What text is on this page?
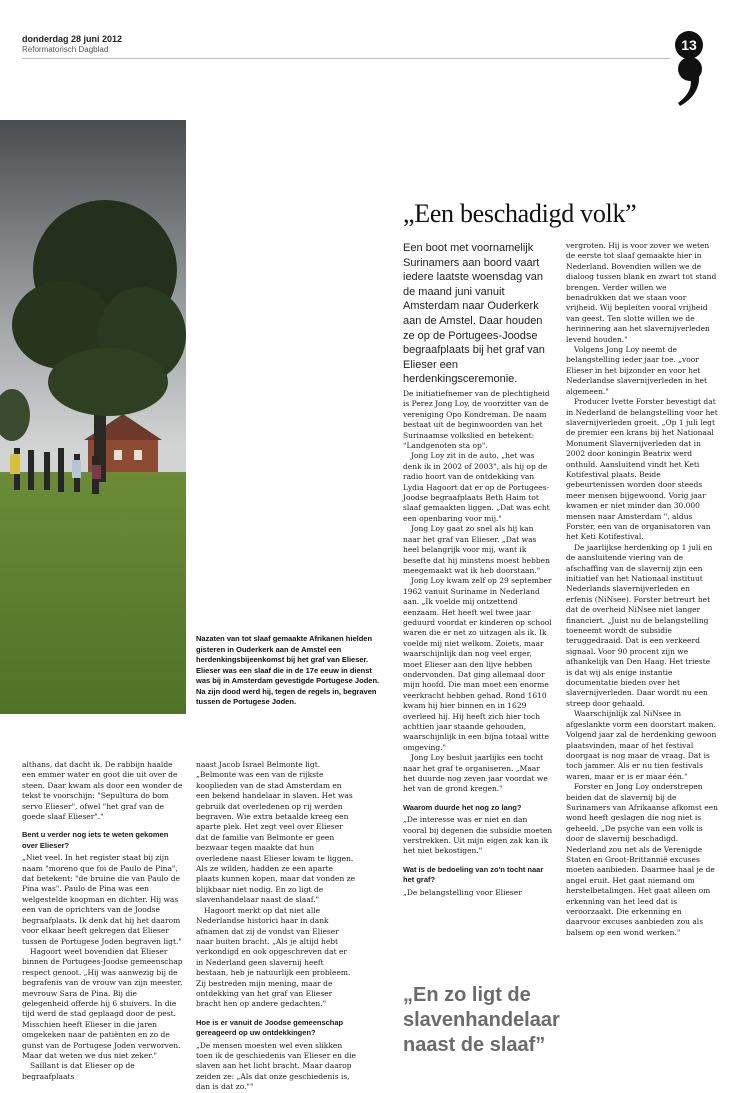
donderdag 28 juni 2012
Reformatorisch Dagblad	13
Nazaten van tot slaaf gemaakte Afrikanen hielden gisteren in Ouderkerk aan de Amstel een herdenkingsbijeenkomst bij het graf van Elieser. Elieser was een slaaf die in de 17e eeuw in dienst was bij in Amsterdam gevestigde Portugese Joden. Na zijn dood werd hij, tegen de regels in, begraven tussen de Portugese Joden.
„Een beschadigd volk”
Een boot met voornamelijk Surinamers aan boord vaart iedere laatste woensdag van de maand juni vanuit Amsterdam naar Ouderkerk aan de Amstel. Daar houden ze op de Portugees-Joodse begraafplaats bij het graf van Elieser een herdenkingsceremonie.

althans, dat dacht ik. De rabbijn haalde een emmer water en goot die uit over de steen. Daar kwam als door een wonder de tekst te voorschijn: "Sepultura do bom servo Elieser", ofwel "het graf van de goede slaaf Elieser"."

Bent u verder nog iets te weten gekomen over Elieser?

„Niet veel. In het register staat bij zijn naam "moreno que foi de Paulo de Pina", dat betekent: "de bruine die van Paulo de Pina was". Paulo de Pina was een welgestelde koopman en dichter. Hij was een van de oprichters van de Joodse begraafplaats. Ik denk dat hij het daarom voor elkaar heeft gekregen dat Elieser tussen de Portugese Joden begraven ligt."

Hagoort weet bovendien dat Elieser binnen de Portugees-Joodse gemeenschap respect genoot. „Hij was aanwezig bij de begrafenis van de vrouw van zijn meester, mevrouw Sara de Pina. Bij die gelegenheid offerde hij 6 stuivers. In die tijd werd de stad geplaagd door de pest. Misschien heeft Elieser in die jaren omgekeken naar de patiënten en zo de gunst van de Portugese Joden verworven. Maar dat weten we dus niet zeker."

Saillant is dat Elieser op de begraafplaats

naast Jacob Israel Belmonte ligt. „Belmonte was een van de rijkste kooplieden van de stad Amsterdam en een bekend handelaar in slaven. Het was gebruik dat overledenen op rij werden begraven. Wie extra betaalde kreeg een aparte plek. Het zegt veel over Elieser dat de familie van Belmonte er geen bezwaar tegen maakte dat hun overledene naast Elieser kwam te liggen. Als ze wilden, hadden ze een aparte plaats kunnen kopen, maar dat vonden ze blijkbaar niet nodig. En zo ligt de slavenhandelaar naast de slaaf."

Hagoort merkt op dat niet alle Nederlandse historici haar in dank afnamen dat zij de vondst van Elieser naar buiten bracht. „Als je altijd hebt verkondigd en ook opgeschreven dat er in Nederland geen slavernij heeft bestaan, heb je natuurlijk een probleem. Zij bestreden mijn mening, maar de ontdekking van het graf van Elieser bracht hen op andere gedachten."

Hoe is er vanuit de Joodse gemeenschap gereageerd op uw ontdekkingen?

„De mensen moesten wel even slikken toen ik de geschiedenis van Elieser en die slaven aan het licht bracht. Maar daarop zeiden ze: „Als dat onze geschiedenis is, dan is dat zo.""

De initiatiefnemer van de plechtigheid is Perez Jong Loy, de voorzitter van de vereniging Opo Kondreman. De naam bestaat uit de beginwoorden van het Surinaamse volkslied en betekent: "Landgenoten sta op".

Jong Loy zit in de auto, „het was denk ik in 2002 of 2003", als hij op de radio hoort van de ontdekking van Lydia Hagoort dat er op de Portugees-Joodse begraafplaats Beth Haim tot slaaf gemaakten liggen. „Dat was echt een openbaring voor mij."

Jong Loy gaat zo snel als hij kan naar het graf van Elieser. „Dat was heel belangrijk voor mij, want ik besefte dat hij minstens moest hebben meegemaakt wat ik heb doorstaan."

Jong Loy kwam zelf op 29 september 1962 vanuit Suriname in Nederland aan. „Ik voelde mij ontzettend eenzaam. Het heeft wel twee jaar geduurd voordat er kinderen op school waren die er net zo uitzagen als ik. Ik voelde mij niet welkom. Zoiets, maar waarschijnlijk dan nog veel erger, moet Elieser aan den lijve hebben ondervonden. Dat ging allemaal door mijn hoofd. Die man moet een enorme veerkracht hebben gehad. Rond 1610 kwam hij hier binnen en in 1629 overleed hij. Hij heeft zich hier toch achttien jaar staande gehouden, waarschijnlijk in een bijna totaal witte omgeving."

Jong Loy besluit jaarlijks een tocht naar het graf te organiseren. „Maar het duurde nog zeven jaar voordat we het van de grond kregen."

Waarom duurde het nog zo lang?

„De interesse was er niet en dan vooral bij degenen die subsidie moeten verstrekken. Uit mijn eigen zak kan ik het niet bekostigen."

Wat is de bedoeling van zo'n tocht naar het graf?

„De belangstelling voor Elieser

vergroten. Hij is voor zover we weten de eerste tot slaaf gemaakte hier in Nederland. Bovendien willen we de dialoog tussen blank en zwart tot stand brengen. Verder willen we benadrukken dat we staan voor vrijheid. Wij bepleiten vooral vrijheid van geest. Ten slotte willen we de herinnering aan het slavernijverleden levend houden."

Volgens Jong Loy neemt de belangstelling ieder jaar toe. „voor Elieser in het bijzonder en voor het Nederlandse slavernijverleden in het algemeen."

Producer Ivette Forster bevestigt dat in Nederland de belangstelling voor het slavernijverleden groeit. „Op 1 juli legt de premier een krans bij het Nationaal Monument Slavernijverleden dat in 2002 door koningin Beatrix werd onthuld. Aansluitend vindt het Keti Kotifestival plaats. Beide gebeurtenissen worden door steeds meer mensen bijgewoond. Vorig jaar kwamen er niet minder dan 30.000 mensen naar Amsterdam ", aldus Forster, een van de organisatoren van het Keti Kotifestival.

De jaarlijkse herdenking op 1 juli en de aansluitende viering van de afschaffing van de slavernij zijn een initiatief van het Nationaal instituut Nederlands slavernijverleden en erfenis (NiNsee). Forster betreurt het dat de overheid NiNsee niet langer financiert. „Juist nu de belangstelling toeneemt wordt de subsidie teruggedraaid. Dat is een verkeerd signaal. Voor 90 procent zijn we afhankelijk van Den Haag. Het trieste is dat wij als enige instantie documentatie bieden over het slavernijverleden. Daar wordt nu een streep door gehaald.

Waarschijnlijk zal NiNsee in afgeslankte vorm een doorstart maken. Volgend jaar zal de herdenking gewoon plaatsvinden, maar of het festival doorgaat is nog maar de vraag. Dat is toch jammer. Als er nu tien festivals waren, maar er is er maar één."

Forster en Jong Loy onderstrepen beiden dat de slavernij bij de Surinamers van Afrikaanse afkomst een wond heeft geslagen die nog niet is geheeld. „De psyche van een volk is door de slavernij beschadigd. Nederland zou net als de Verenigde Staten en Groot-Brittannië excuses moeten aanbieden. Daarmee haal je de angel eruit. Het gaat niemand om herstelbetalingen. Het gaat alleen om erkenning van het leed dat is veroorzaakt. Die erkenning en daarvoor excuses aanbieden zou als balsem op een wond werken."

„En zo ligt de slavenhandelaar naast de slaaf”
